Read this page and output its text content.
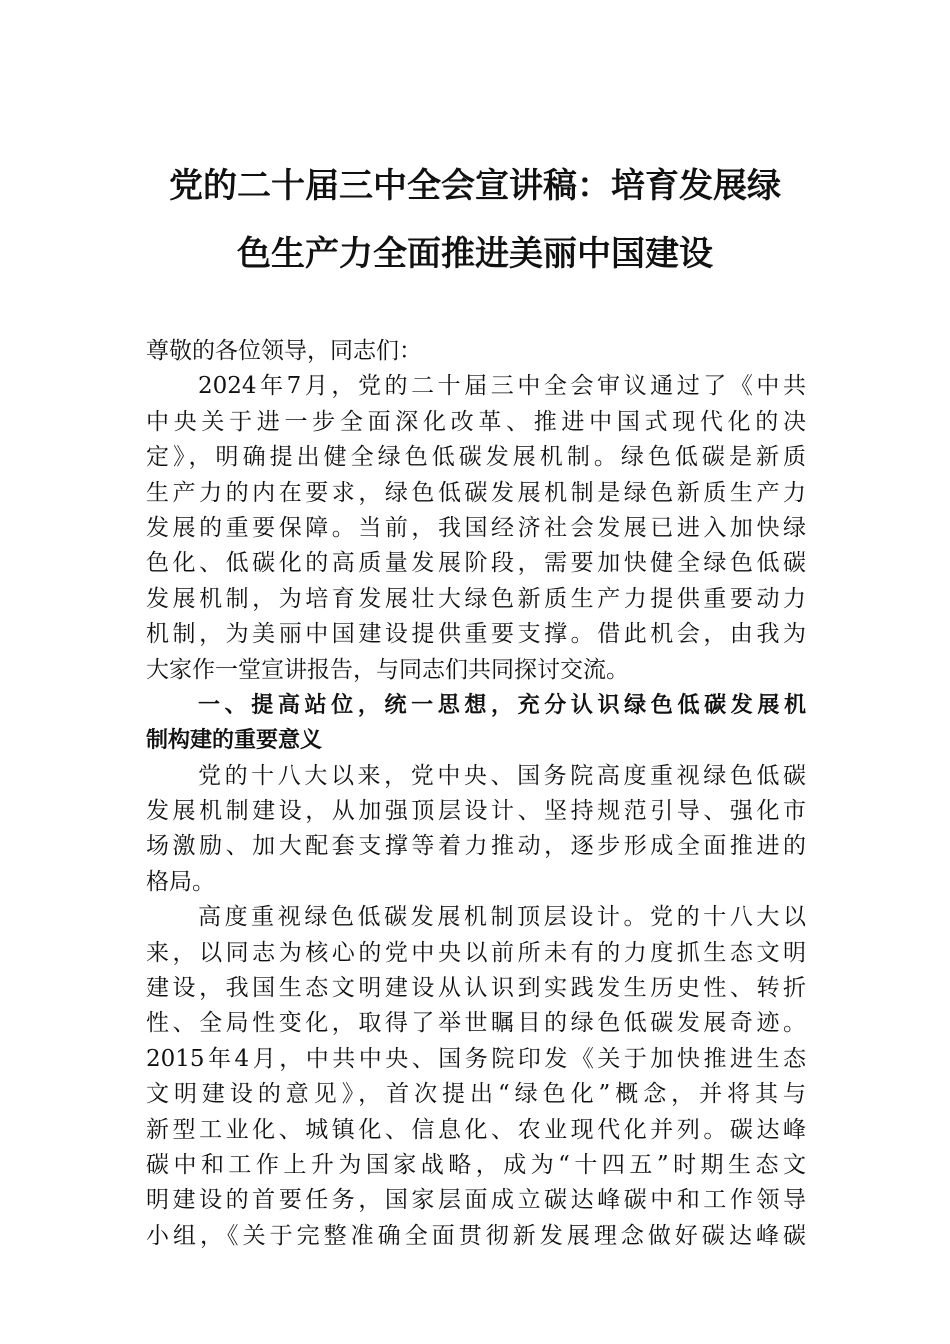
党的二十届三中全会宣讲稿：培育发展绿
色生产力全面推进美丽中国建设
尊敬的各位领导，同志们：
2024年7月，党的二十届三中全会审议通过了《中共
中央关于进一步全面深化改革、推进中国式现代化的决
定》，明确提出健全绿色低碳发展机制。绿色低碳是新质
生产力的内在要求，绿色低碳发展机制是绿色新质生产力
发展的重要保障。当前，我国经济社会发展已进入加快绿
色化、低碳化的高质量发展阶段，需要加快健全绿色低碳
发展机制，为培育发展壮大绿色新质生产力提供重要动力
机制，为美丽中国建设提供重要支撑。借此机会，由我为
大家作一堂宣讲报告，与同志们共同探讨交流。
一、提高站位，统一思想，充分认识绿色低碳发展机
制构建的重要意义
党的十八大以来，党中央、国务院高度重视绿色低碳
发展机制建设，从加强顶层设计、坚持规范引导、强化市
场激励、加大配套支撑等着力推动，逐步形成全面推进的
格局。
高度重视绿色低碳发展机制顶层设计。党的十八大以
来，以同志为核心的党中央以前所未有的力度抓生态文明
建设，我国生态文明建设从认识到实践发生历史性、转折
性、全局性变化，取得了举世瞩目的绿色低碳发展奇迹。
2015年4月，中共中央、国务院印发《关于加快推进生态
文明建设的意见》，首次提出“绿色化”概念，并将其与
新型工业化、城镇化、信息化、农业现代化并列。碳达峰
碳中和工作上升为国家战略，成为“十四五”时期生态文
明建设的首要任务，国家层面成立碳达峰碳中和工作领导
小组，《关于完整准确全面贯彻新发展理念做好碳达峰碳
